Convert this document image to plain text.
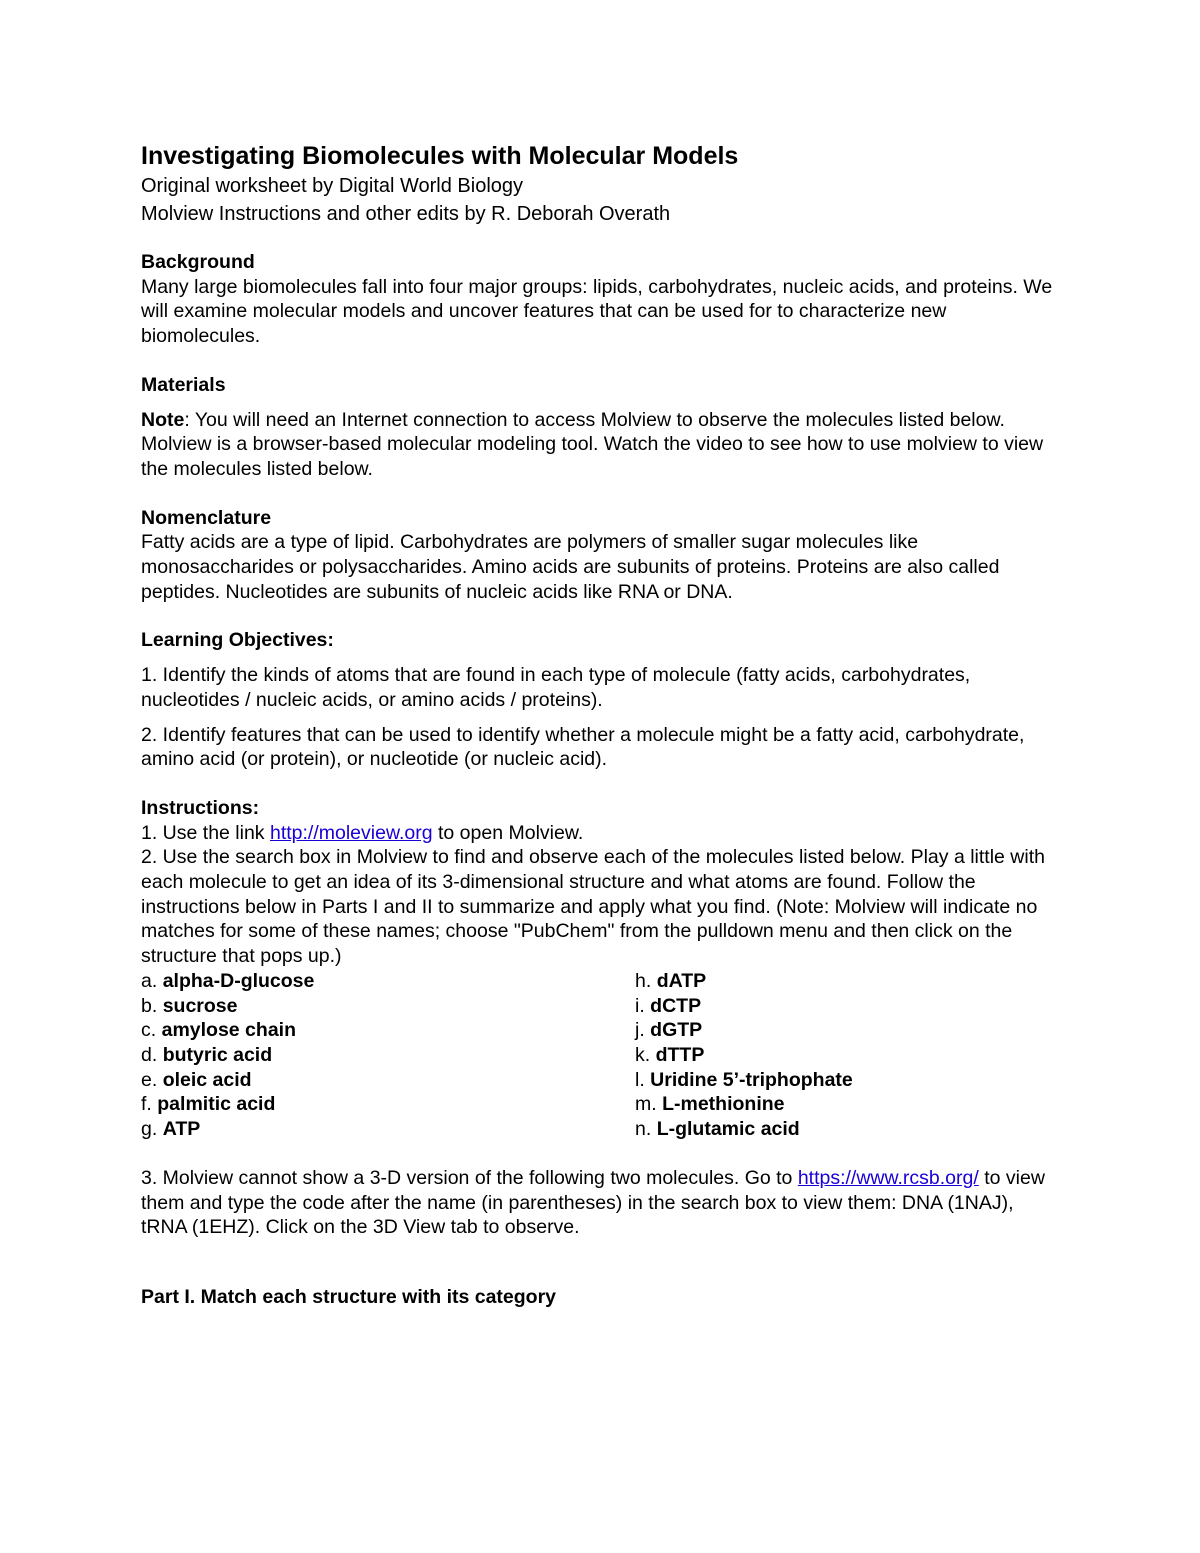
Investigating Biomolecules with Molecular Models

Original worksheet by Digital World Biology

Molview Instructions and other edits by R. Deborah Overath

Background

Many large biomolecules fall into four major groups: lipids, carbohydrates, nucleic acids, and proteins. We will examine molecular models and uncover features that can be used for to characterize new biomolecules.

Materials

Note: You will need an Internet connection to access Molview to observe the molecules listed below. Molview is a browser-based molecular modeling tool. Watch the video to see how to use molview to view the molecules listed below.

Nomenclature

Fatty acids are a type of lipid. Carbohydrates are polymers of smaller sugar molecules like monosaccharides or polysaccharides. Amino acids are subunits of proteins. Proteins are also called peptides. Nucleotides are subunits of nucleic acids like RNA or DNA.

Learning Objectives:

1. Identify the kinds of atoms that are found in each type of molecule (fatty acids, carbohydrates, nucleotides / nucleic acids, or amino acids / proteins).

2. Identify features that can be used to identify whether a molecule might be a fatty acid, carbohydrate, amino acid (or protein), or nucleotide (or nucleic acid).

Instructions:

1. Use the link http://moleview.org to open Molview.

2. Use the search box in Molview to find and observe each of the molecules listed below. Play a little with each molecule to get an idea of its 3-dimensional structure and what atoms are found. Follow the instructions below in Parts I and II to summarize and apply what you find. (Note: Molview will indicate no matches for some of these names; choose "PubChem" from the pulldown menu and then click on the structure that pops up.)

a. alpha-D-glucose	h. dATP
b. sucrose	i. dCTP
c. amylose chain	j. dGTP
d. butyric acid	k. dTTP
e. oleic acid	l. Uridine 5’-triphophate
f. palmitic acid	m. L-methionine
g. ATP	n. L-glutamic acid

3. Molview cannot show a 3-D version of the following two molecules. Go to https://www.rcsb.org/ to view them and type the code after the name (in parentheses) in the search box to view them: DNA (1NAJ), tRNA (1EHZ). Click on the 3D View tab to observe.

Part I. Match each structure with its category
